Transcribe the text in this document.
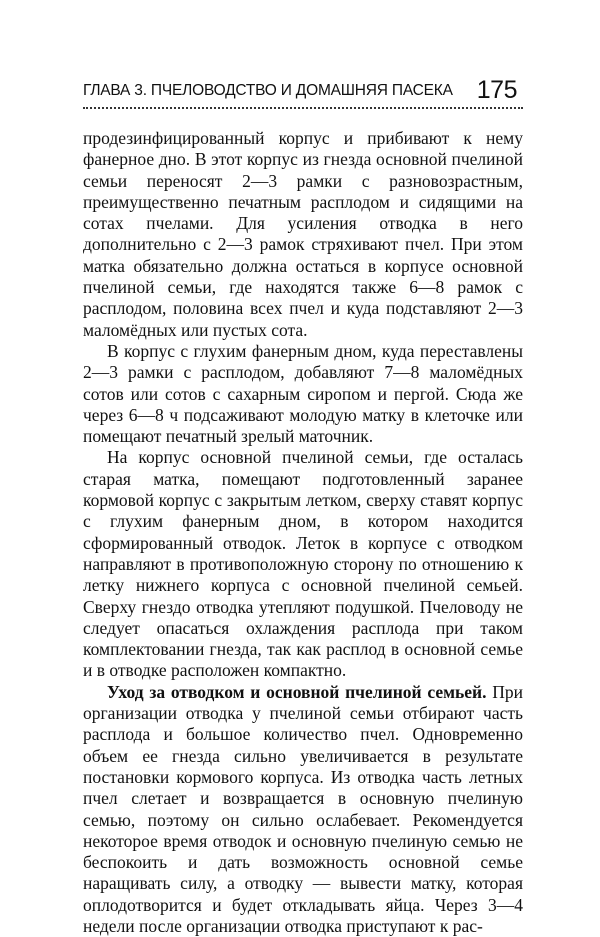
ГЛАВА 3. ПЧЕЛОВОДСТВО И ДОМАШНЯЯ ПАСЕКА 175

продезинфицированный корпус и прибивают к нему фанерное дно. В этот корпус из гнезда основной пчелиной семьи переносят 2—3 рамки с разновозрастным, преимущественно печатным расплодом и сидящими на сотах пчелами. Для усиления отводка в него дополнительно с 2—3 рамок стряхивают пчел. При этом матка обязательно должна остаться в корпусе основной пчелиной семьи, где находятся также 6—8 рамок с расплодом, половина всех пчел и куда подставляют 2—3 маломёдных или пустых сота.

В корпус с глухим фанерным дном, куда переставлены 2—3 рамки с расплодом, добавляют 7—8 маломёдных сотов или сотов с сахарным сиропом и пергой. Сюда же через 6—8 ч подсаживают молодую матку в клеточке или помещают печатный зрелый маточник.

На корпус основной пчелиной семьи, где осталась старая матка, помещают подготовленный заранее кормовой корпус с закрытым летком, сверху ставят корпус с глухим фанерным дном, в котором находится сформированный отводок. Леток в корпусе с отводком направляют в противоположную сторону по отношению к летку нижнего корпуса с основной пчелиной семьей. Сверху гнездо отводка утепляют подушкой. Пчеловоду не следует опасаться охлаждения расплода при таком комплектовании гнезда, так как расплод в основной семье и в отводке расположен компактно.

Уход за отводком и основной пчелиной семьей. При организации отводка у пчелиной семьи отбирают часть расплода и большое количество пчел. Одновременно объем ее гнезда сильно увеличивается в результате постановки кормового корпуса. Из отводка часть летных пчел слетает и возвращается в основную пчелиную семью, поэтому он сильно ослабевает. Рекомендуется некоторое время отводок и основную пчелиную семью не беспокоить и дать возможность основной семье наращивать силу, а отводку — вывести матку, которая оплодотворится и будет откладывать яйца. Через 3—4 недели после организации отводка приступают к рас-
